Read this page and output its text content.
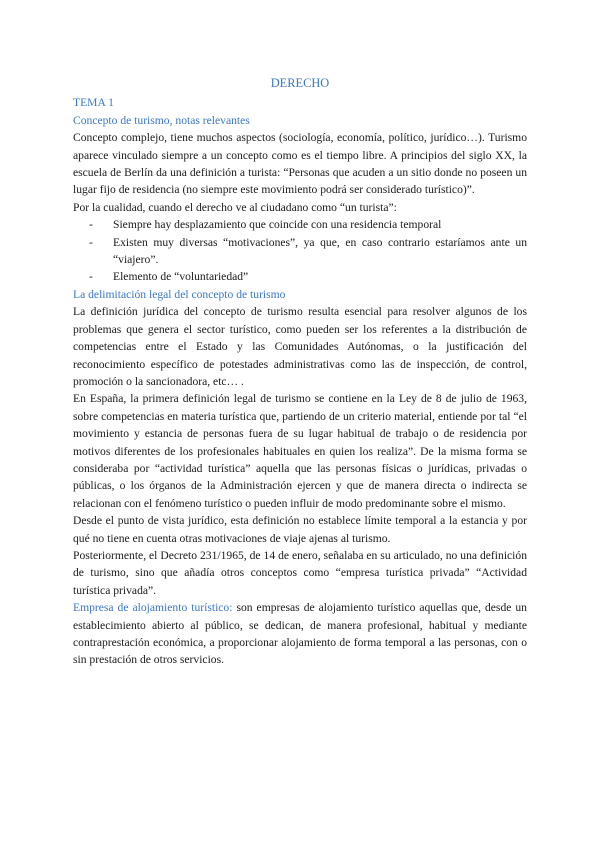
DERECHO
TEMA 1
Concepto de turismo, notas relevantes

Concepto complejo, tiene muchos aspectos (sociología, economía, político, jurídico…). Turismo aparece vinculado siempre a un concepto como es el tiempo libre. A principios del siglo XX, la escuela de Berlín da una definición a turista: “Personas que acuden a un sitio donde no poseen un lugar fijo de residencia (no siempre este movimiento podrá ser considerado turístico)”.

Por la cualidad, cuando el derecho ve al ciudadano como “un turista”:

- Siempre hay desplazamiento que coincide con una residencia temporal
- Existen muy diversas “motivaciones”, ya que, en caso contrario estaríamos ante un “viajero”.
- Elemento de “voluntariedad”
La delimitación legal del concepto de turismo

La definición jurídica del concepto de turismo resulta esencial para resolver algunos de los problemas que genera el sector turístico, como pueden ser los referentes a la distribución de competencias entre el Estado y las Comunidades Autónomas, o la justificación del reconocimiento específico de potestades administrativas como las de inspección, de control, promoción o la sancionadora, etc… .

En España, la primera definición legal de turismo se contiene en la Ley de 8 de julio de 1963, sobre competencias en materia turística que, partiendo de un criterio material, entiende por tal “el movimiento y estancia de personas fuera de su lugar habitual de trabajo o de residencia por motivos diferentes de los profesionales habituales en quien los realiza”. De la misma forma se consideraba por “actividad turística” aquella que las personas físicas o jurídicas, privadas o públicas, o los órganos de la Administración ejercen y que de manera directa o indirecta se relacionan con el fenómeno turístico o pueden influir de modo predominante sobre el mismo.

Desde el punto de vista jurídico, esta definición no establece límite temporal a la estancia y por qué no tiene en cuenta otras motivaciones de viaje ajenas al turismo.

Posteriormente, el Decreto 231/1965, de 14 de enero, señalaba en su articulado, no una definición de turismo, sino que añadía otros conceptos como “empresa turística privada” “Actividad turística privada”.

Empresa de alojamiento turístico: son empresas de alojamiento turístico aquellas que, desde un establecimiento abierto al público, se dedican, de manera profesional, habitual y mediante contraprestación económica, a proporcionar alojamiento de forma temporal a las personas, con o sin prestación de otros servicios.
